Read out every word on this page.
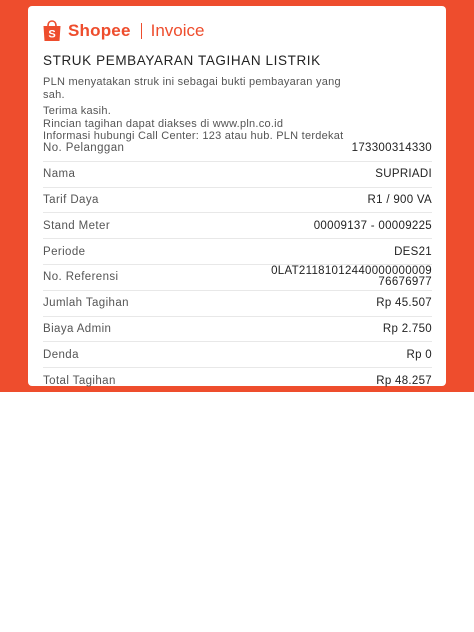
S Shopee Invoice
STRUK PEMBAYARAN TAGIHAN LISTRIK
PLN menyatakan struk ini sebagai bukti pembayaran yang
sah.
Terima kasih.
Rincian tagihan dapat diakses di www.pln.co.id
Informasi hubungi Call Center: 123 atau hub. PLN terdekat
No. Pelanggan	173300314330
Nama	SUPRIADI
Tarif Daya	R1 / 900 VA
Stand Meter	00009137 - 00009225
Periode	DES21
No. Referensi	0LAT21181012440000000009
76676977
Jumlah Tagihan	Rp 45.507
Biaya Admin	Rp 2.750
Denda	Rp 0
Total Tagihan	Rp 48.257
